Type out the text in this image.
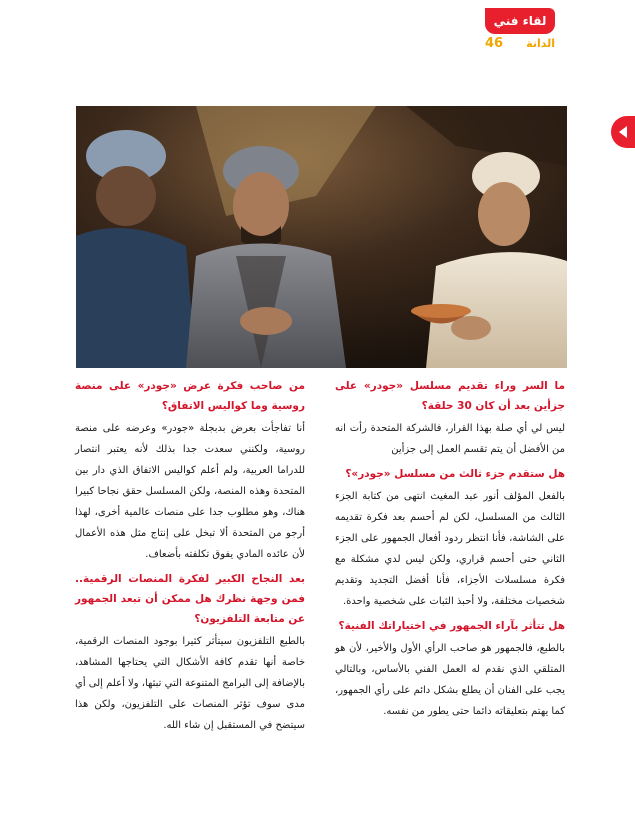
لقاء فني
الدانة
46

ما السر وراء تقديم مسلسل «جودر» على جزأين بعد أن كان 30 حلقة؟

ليس لي أي صلة بهذا القرار، فالشركة المتحدة رأت انه من الأفضل أن يتم تقسم العمل إلى جزأين

هل ستقدم جزء ثالث من مسلسل «جودر»؟

بالفعل المؤلف أنور عبد المغيث انتهى من كتابة الجزء الثالث من المسلسل، لكن لم أحسم بعد فكرة تقديمه على الشاشة، فأنا انتظر ردود أفعال الجمهور على الجزء الثاني حتى أحسم قراري، ولكن ليس لدي مشكلة مع فكرة مسلسلات الأجزاء، فأنا أفضل التجديد وتقديم شخصيات مختلفة، ولا أحبذ الثبات على شخصية واحدة.

هل تتأثر بآراء الجمهور في اختياراتك الفنية؟

بالطبع، فالجمهور هو صاحب الرأي الأول والأخير، لأن هو المتلقي الذي نقدم له العمل الفني بالأساس، وبالتالي يجب على الفنان أن يطلع بشكل دائم على رأي الجمهور، كما يهتم بتعليقاته دائما حتى يطور من نفسه.

من صاحب فكرة عرض «جودر» على منصة روسية وما كواليس الاتفاق؟

أنا تفاجأت بعرض بدبجلة «جودر» وعرضه على منصة روسية، ولكنني سعدت جدا بذلك لأنه يعتبر انتصار للدراما العربية، ولم أعلم كواليس الاتفاق الذي دار بين المتحدة وهذه المنصة، ولكن المسلسل حقق نجاحا كبيرا هناك، وهو مطلوب جدا على منصات عالمية أخرى، لهذا أرجو من المتحدة ألا تبخل على إنتاج مثل هذه الأعمال لأن عائده المادي يفوق تكلفته بأضعاف.

بعد النجاح الكبير لفكرة المنصات الرقمية.. فمن وجهة نظرك هل ممكن أن تبعد الجمهور عن متابعة التلفزيون؟

بالطبع التلفزيون سيتأثر كثيرا بوجود المنصات الرقمية، خاصة أنها تقدم كافة الأشكال التي يحتاجها المشاهد، بالإضافة إلى البرامج المتنوعة التي تبثها، ولا أعلم إلى أي مدى سوف تؤثر المنصات على التلفزيون، ولكن هذا سيتضح في المستقبل إن شاء الله.
